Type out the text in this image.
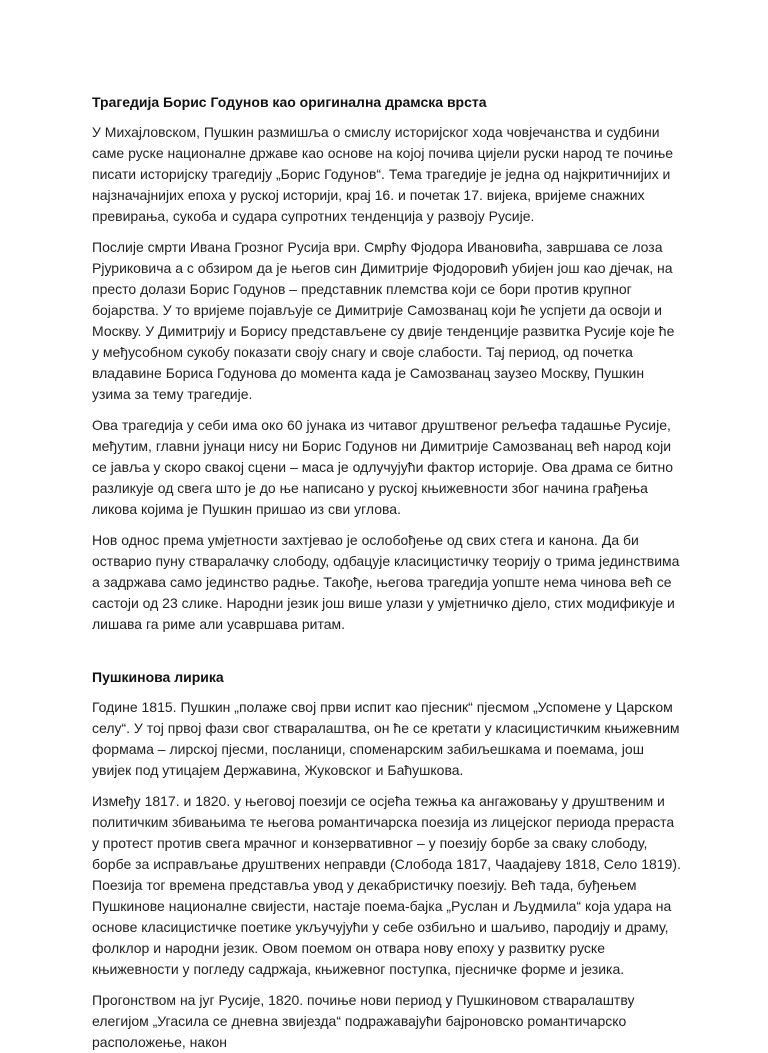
Трагедија Борис Годунов као оригинална драмска врста

У Михајловском, Пушкин размишља о смислу историјског хода човјечанства и судбини саме руске националне државе као основе на којој почива цијели руски народ те почиње писати историјску трагедију „Борис Годунов“. Тема трагедије је једна од најкритичнијих и најзначајнијих епоха у руској историји, крај 16. и почетак 17. вијека, вријеме снажних превирања, сукоба и судара супротних тенденција у развоју Русије.

Послије смрти Ивана Грозног Русија ври. Смрћу Фјодора Ивановића, завршава се лоза Рјуриковича а с обзиром да је његов син Димитрије Фјодоровић убијен још као дјечак, на престо долази Борис Годунов – представник племства који се бори против крупног бојарства. У то вријеме појављује се Димитрије Самозванац који ће успјети да освоји и Москву. У Димитрију и Борису представљене су двије тенденције развитка Русије које ће у међусобном сукобу показати своју снагу и своје слабости. Тај период, од почетка владавине Бориса Годунова до момента када је Самозванац заузео Москву, Пушкин узима за тему трагедије.

Ова трагедија у себи има око 60 јунака из читавог друштвеног рељефа тадашње Русије, међутим, главни јунаци нису ни Борис Годунов ни Димитрије Самозванац већ народ који се јавља у скоро свакој сцени – маса је одлучујући фактор историје. Ова драма се битно разликује од свега што је до ње написано у руској књижевности због начина грађења ликова којима је Пушкин пришао из сви углова.

Нов однос према умјетности захтјевао је ослобођење од свих стега и канона. Да би остварио пуну стваралачку слободу, одбацује класицистичку теорију о трима јединствима а задржава само јединство радње. Такође, његова трагедија уопште нема чинова већ се састоји од 23 слике. Народни језик још више улази у умјетничко дјело, стих модификује и лишава га риме али усавршава ритам.

Пушкинова лирика

Године 1815. Пушкин „полаже свој први испит као пјесник“ пјесмом „Успомене у Царском селу“. У тој првој фази свог стваралаштва, он ће се кретати у класицистичким књижевним формама – лирској пјесми, посланици, споменарским забиљешкама и поемама, још увијек под утицајем Державина, Жуковског и Баћушкова.

Између 1817. и 1820. у његовој поезији се осјећа тежња ка ангажовању у друштвеним и политичким збивањима те његова романтичарска поезија из лицејског периода прераста у протест против свега мрачног и конзервативног – у поезију борбе за сваку слободу, борбе за исправљање друштвених неправди (Слобода 1817, Чаадајеву 1818, Село 1819). Поезија тог времена представља увод у декабристичку поезију. Већ тада, буђењем Пушкинове националне свијести, настаје поема-бајка „Руслан и Људмила“ која удара на основе класицистичке поетике укључујући у себе озбиљно и шаљиво, пародију и драму, фолклор и народни језик. Овом поемом он отвара нову епоху у развитку руске књижевности у погледу садржаја, књижевног поступка, пјесничке форме и језика.

Прогонством на југ Русије, 1820. почиње нови период у Пушкиновом стваралаштву елегијом „Угасила се дневна звијезда“ подражавајући бајроновско романтичарско расположење, након
